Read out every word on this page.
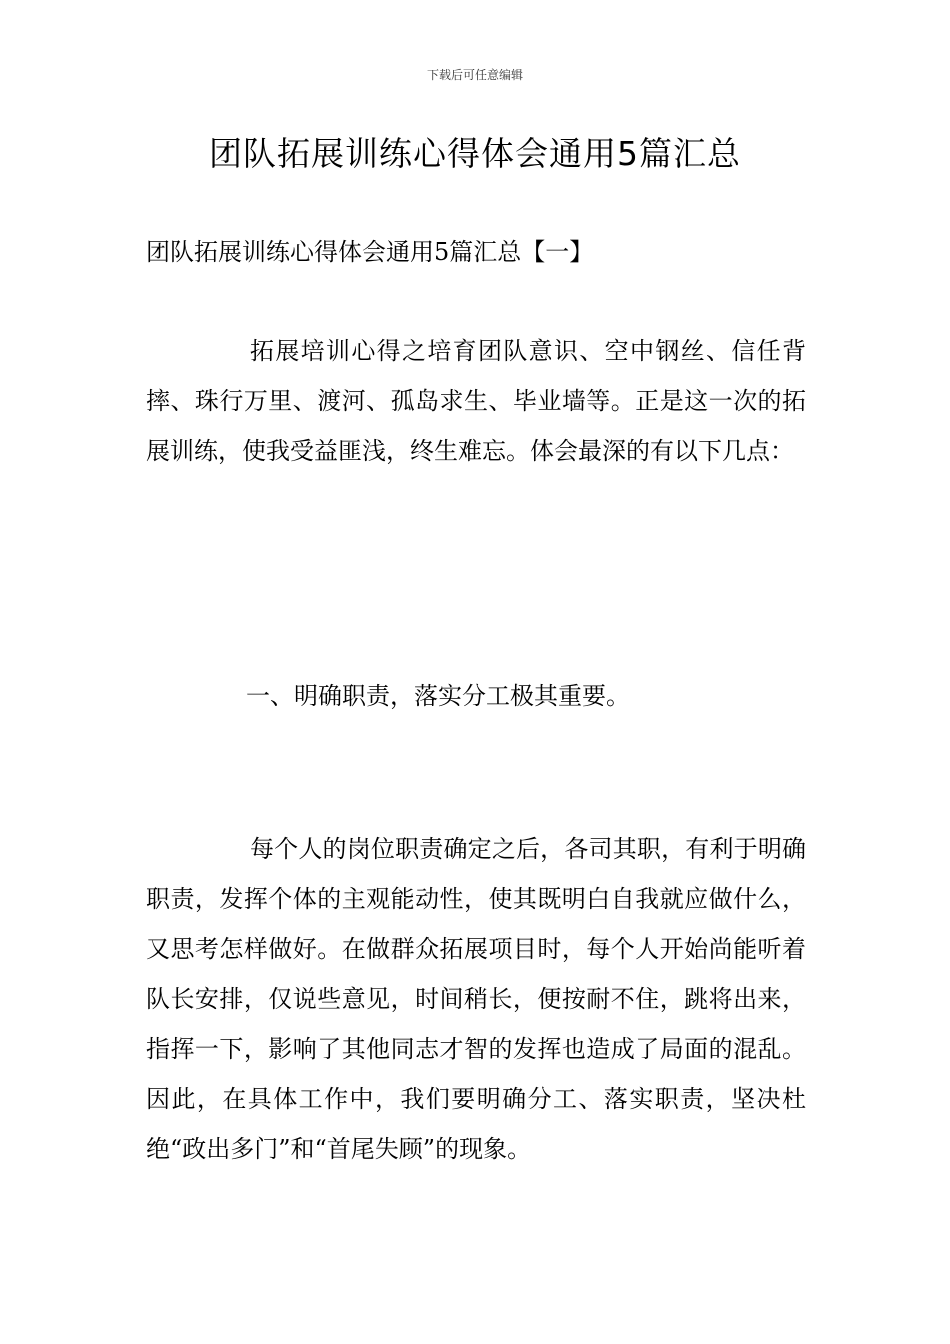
下载后可任意编辑
团队拓展训练心得体会通用5篇汇总
团队拓展训练心得体会通用5篇汇总【一】
拓展培训心得之培育团队意识、空中钢丝、信任背摔、珠行万里、渡河、孤岛求生、毕业墙等。正是这一次的拓展训练，使我受益匪浅，终生难忘。体会最深的有以下几点：
一、明确职责，落实分工极其重要。
每个人的岗位职责确定之后，各司其职，有利于明确职责，发挥个体的主观能动性，使其既明白自我就应做什么，又思考怎样做好。在做群众拓展项目时，每个人开始尚能听着队长安排，仅说些意见，时间稍长，便按耐不住，跳将出来，指挥一下，影响了其他同志才智的发挥也造成了局面的混乱。因此，在具体工作中，我们要明确分工、落实职责，坚决杜绝“政出多门”和“首尾失顾”的现象。
